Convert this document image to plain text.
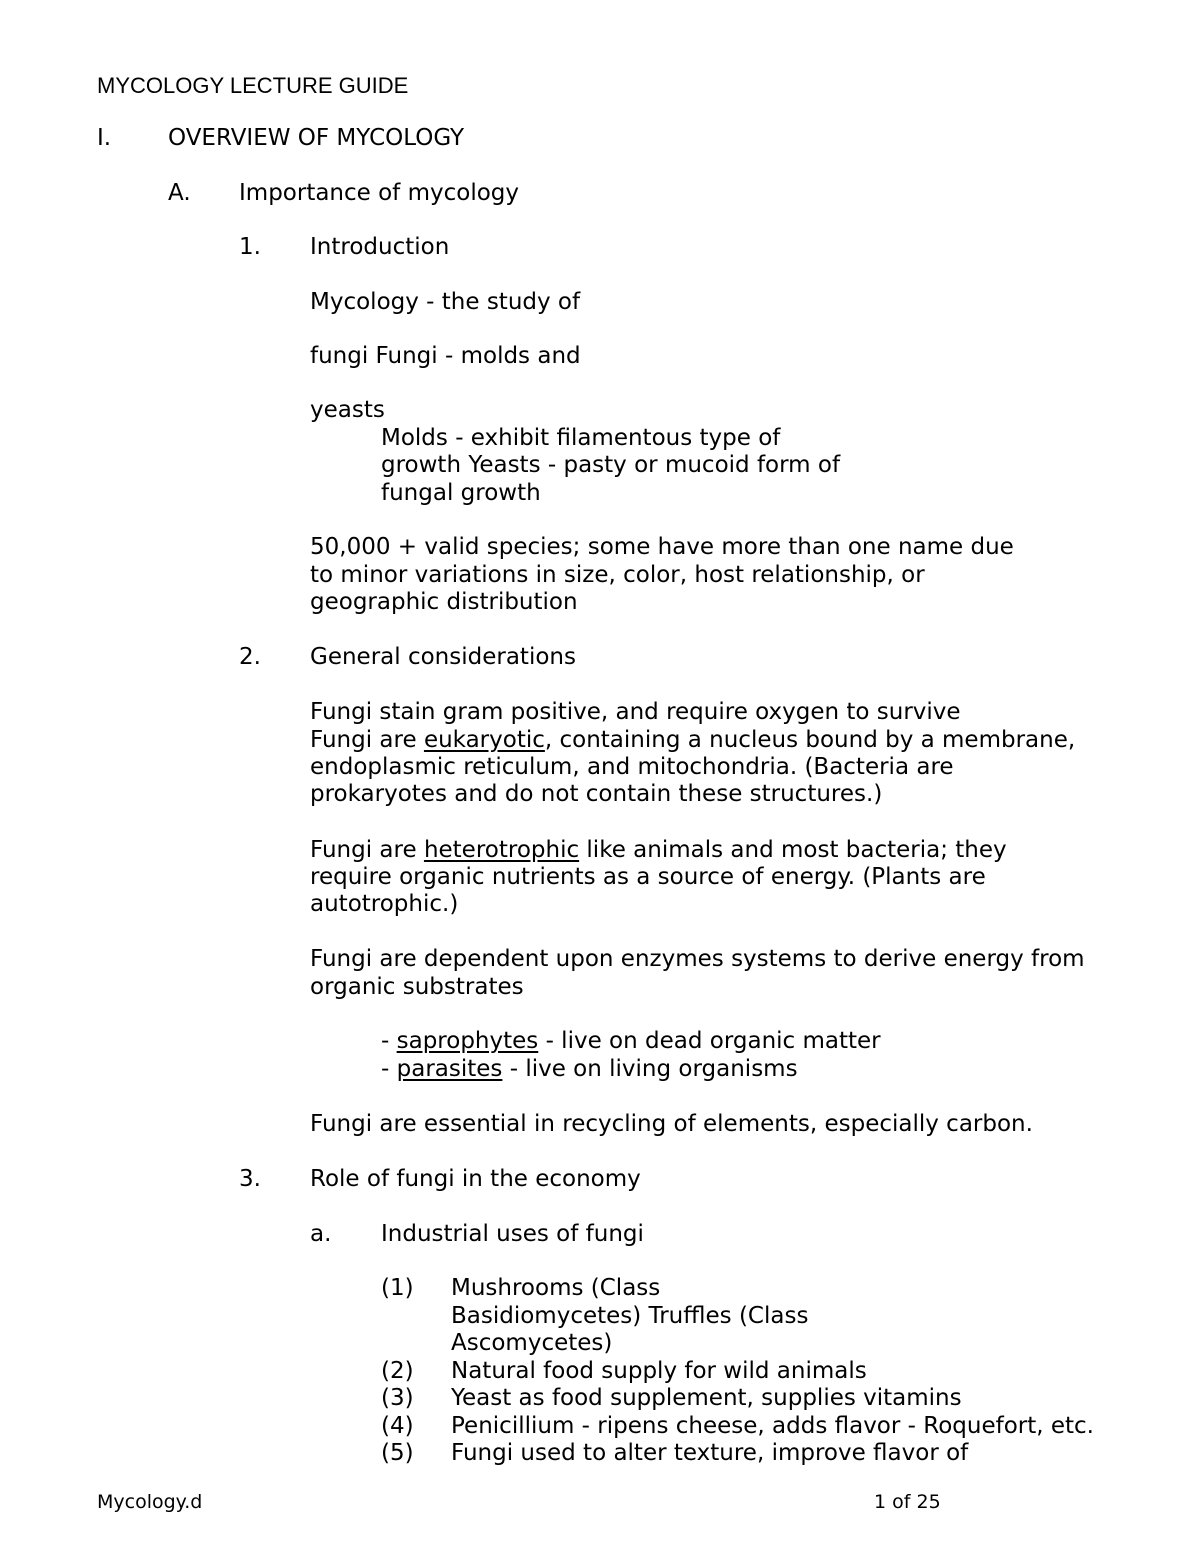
MYCOLOGY LECTURE GUIDE
I. OVERVIEW OF MYCOLOGY
A. Importance of mycology
1. Introduction
Mycology - the study of
fungi Fungi - molds and
yeasts
Molds - exhibit filamentous type of
growth Yeasts - pasty or mucoid form of
fungal growth
50,000 + valid species; some have more than one name due
to minor variations in size, color, host relationship, or
geographic distribution
2. General considerations
Fungi stain gram positive, and require oxygen to survive
Fungi are eukaryotic, containing a nucleus bound by a membrane,
endoplasmic reticulum, and mitochondria. (Bacteria are
prokaryotes and do not contain these structures.)
Fungi are heterotrophic like animals and most bacteria; they
require organic nutrients as a source of energy. (Plants are
autotrophic.)
Fungi are dependent upon enzymes systems to derive energy from
organic substrates
- saprophytes - live on dead organic matter
- parasites - live on living organisms
Fungi are essential in recycling of elements, especially carbon.
3. Role of fungi in the economy
a. Industrial uses of fungi
(1) Mushrooms (Class
Basidiomycetes) Truffles (Class
Ascomycetes)
(2) Natural food supply for wild animals
(3) Yeast as food supplement, supplies vitamins
(4) Penicillium - ripens cheese, adds flavor - Roquefort, etc.
(5) Fungi used to alter texture, improve flavor of
Mycology.d	1 of 25
